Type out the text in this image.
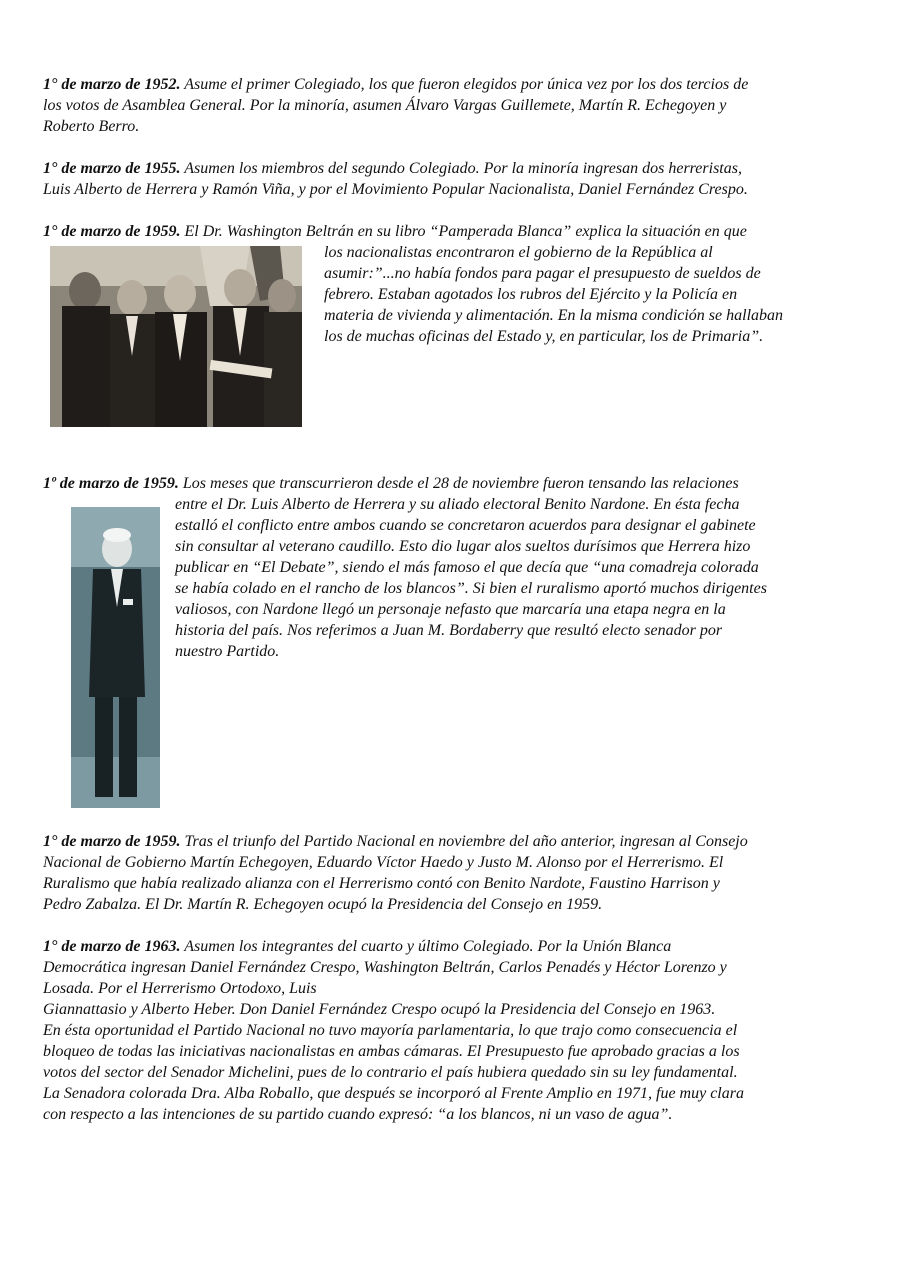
1° de marzo de 1952. Asume el primer Colegiado, los que fueron elegidos por única vez por los dos tercios de
los votos de Asamblea General. Por la minoría, asumen Álvaro Vargas Guillemete, Martín R. Echegoyen y
Roberto Berro.

1° de marzo de 1955. Asumen los miembros del segundo Colegiado. Por la minoría ingresan dos herreristas,
Luis Alberto de Herrera y Ramón Viña, y por el Movimiento Popular Nacionalista, Daniel Fernández Crespo.

1° de marzo de 1959. El Dr. Washington Beltrán en su libro “Pamperada Blanca” explica la situación en que
los nacionalistas encontraron el gobierno de la República al
asumir:”...no había fondos para pagar el presupuesto de sueldos de
febrero. Estaban agotados los rubros del Ejército y la Policía en
materia de vivienda y alimentación. En la misma condición se hallaban
los de muchas oficinas del Estado y, en particular, los de Primaria”.

1º de marzo de 1959. Los meses que transcurrieron desde el 28 de noviembre fueron tensando las relaciones
entre el Dr. Luis Alberto de Herrera y su aliado electoral Benito Nardone. En ésta fecha
estalló el conflicto entre ambos cuando se concretaron acuerdos para designar el gabinete
sin consultar al veterano caudillo. Esto dio lugar alos sueltos durísimos que Herrera hizo
publicar en “El Debate”, siendo el más famoso el que decía que “una comadreja colorada
se había colado en el rancho de los blancos”. Si bien el ruralismo aportó muchos dirigentes
valiosos, con Nardone llegó un personaje nefasto que marcaría una etapa negra en la
historia del país. Nos referimos a Juan M. Bordaberry que resultó electo senador por
nuestro Partido.

1° de marzo de 1959. Tras el triunfo del Partido Nacional en noviembre del año anterior, ingresan al Consejo
Nacional de Gobierno Martín Echegoyen, Eduardo Víctor Haedo y Justo M. Alonso por el Herrerismo. El
Ruralismo que había realizado alianza con el Herrerismo contó con Benito Nardote, Faustino Harrison y
Pedro Zabalza. El Dr. Martín R. Echegoyen ocupó la Presidencia del Consejo en 1959.

1° de marzo de 1963. Asumen los integrantes del cuarto y último Colegiado. Por la Unión Blanca
Democrática ingresan Daniel Fernández Crespo, Washington Beltrán, Carlos Penadés y Héctor Lorenzo y
Losada. Por el Herrerismo Ortodoxo, Luis
Giannattasio y Alberto Heber. Don Daniel Fernández Crespo ocupó la Presidencia del Consejo en 1963.
En ésta oportunidad el Partido Nacional no tuvo mayoría parlamentaria, lo que trajo como consecuencia el
bloqueo de todas las iniciativas nacionalistas en ambas cámaras. El Presupuesto fue aprobado gracias a los
votos del sector del Senador Michelini, pues de lo contrario el país hubiera quedado sin su ley fundamental.
La Senadora colorada Dra. Alba Roballo, que después se incorporó al Frente Amplio en 1971, fue muy clara
con respecto a las intenciones de su partido cuando expresó: “a los blancos, ni un vaso de agua”.
